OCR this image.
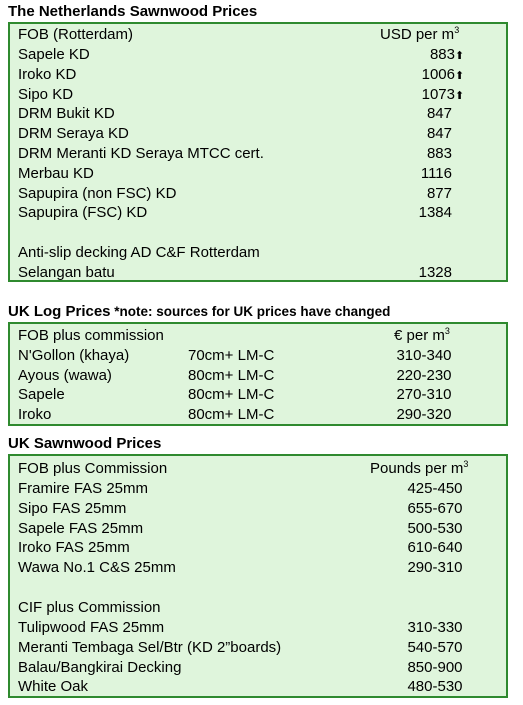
The Netherlands Sawnwood Prices
FOB (Rotterdam)	USD per $m^3$
Sapele KD	883⬆
Iroko KD	1006⬆
Sipo KD	1073⬆
DRM Bukit KD	847
DRM Seraya KD	847
DRM Meranti KD Seraya MTCC cert.	883
Merbau KD	1116
Sapupira (non FSC) KD	877
Sapupira (FSC) KD	1384
Anti-slip decking AD C&F Rotterdam
Selangan batu	1328
UK Log Prices *note: sources for UK prices have changed
FOB plus commission	€ per $m^3$
N'Gollon (khaya)	70cm+ LM-C	310-340
Ayous (wawa)	80cm+ LM-C	220-230
Sapele	80cm+ LM-C	270-310
Iroko	80cm+ LM-C	290-320
UK Sawnwood Prices
FOB plus Commission	Pounds per $m^3$
Framire FAS 25mm	425-450
Sipo FAS 25mm	655-670
Sapele FAS 25mm	500-530
Iroko FAS 25mm	610-640
Wawa No.1 C&S 25mm	290-310
CIF plus Commission
Tulipwood FAS 25mm	310-330
Meranti Tembaga Sel/Btr (KD 2”boards)	540-570
Balau/Bangkirai Decking	850-900
White Oak	480-530
